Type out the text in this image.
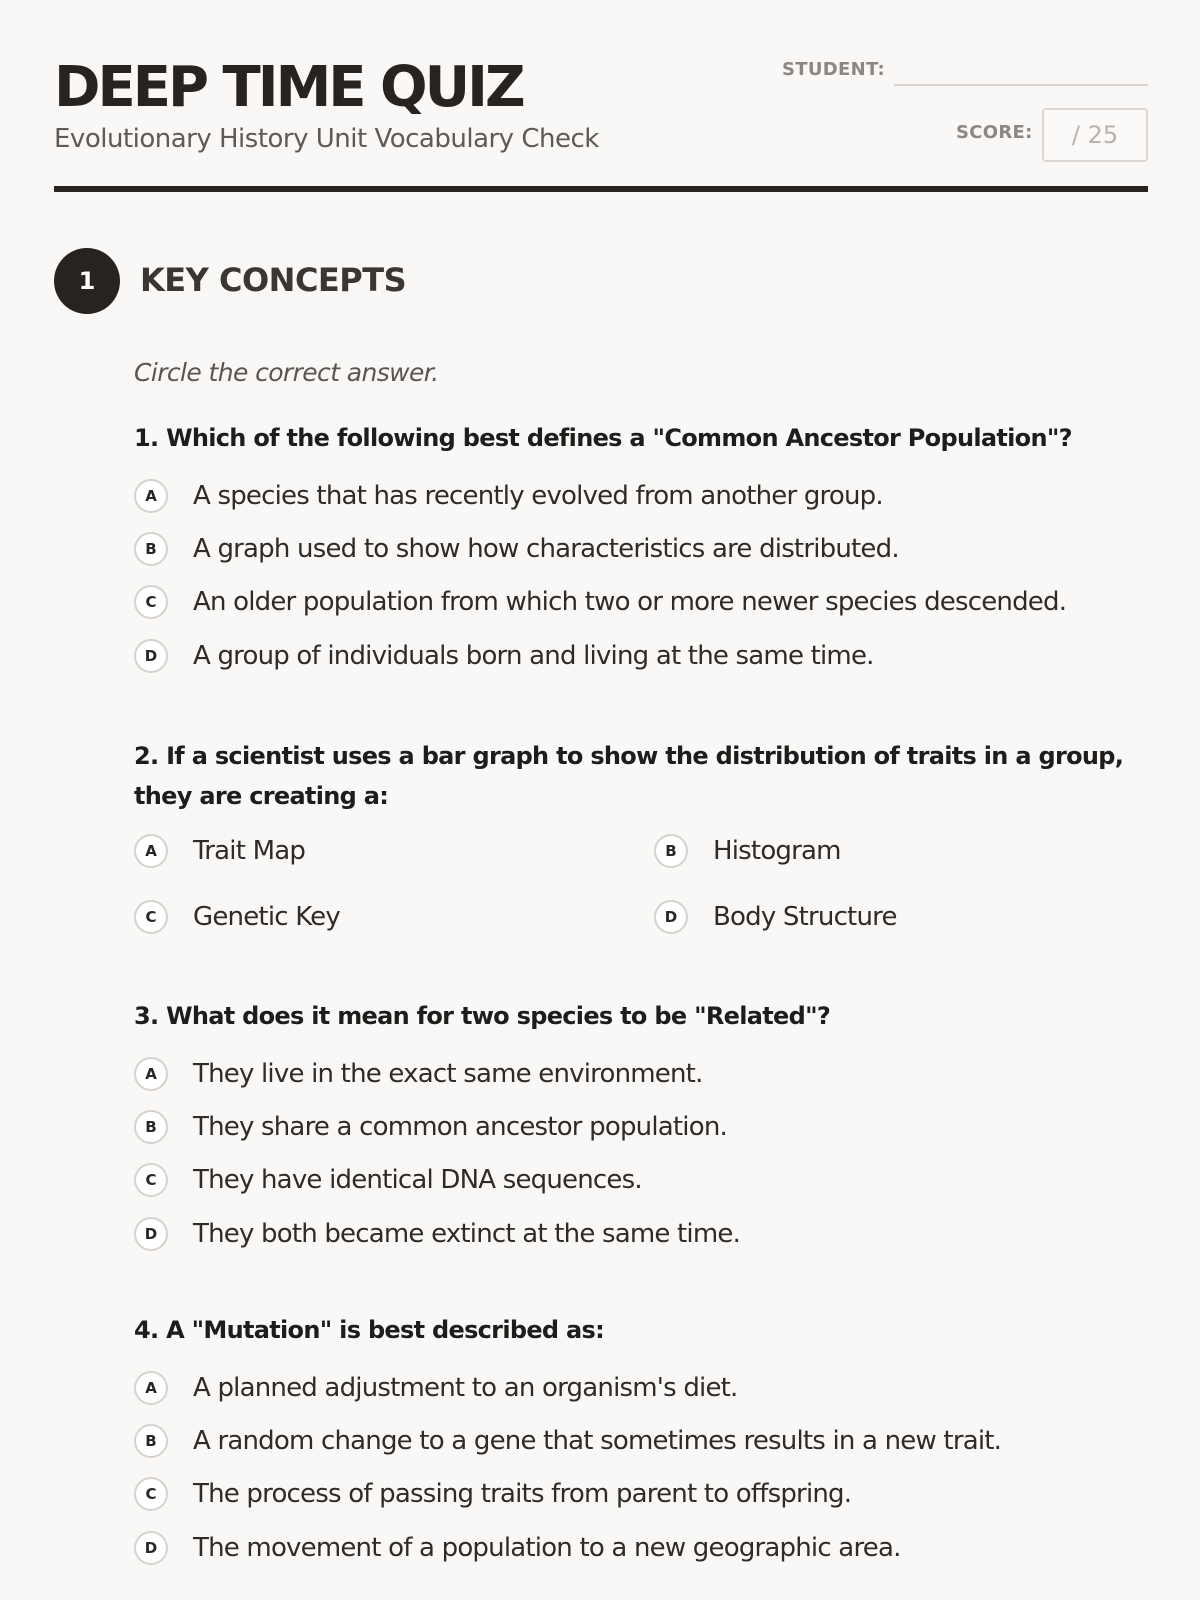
DEEP TIME QUIZ
Evolutionary History Unit Vocabulary Check
STUDENT:
SCORE: / 25
1	KEY CONCEPTS
Circle the correct answer.

1. Which of the following best defines a "Common Ancestor Population"?

A	A species that has recently evolved from another group.
B	A graph used to show how characteristics are distributed.
C	An older population from which two or more newer species descended.
D	A group of individuals born and living at the same time.

2. If a scientist uses a bar graph to show the distribution of traits in a group, they are creating a:

A	Trait Map	B	Histogram
C	Genetic Key	D	Body Structure

3. What does it mean for two species to be "Related"?

A	They live in the exact same environment.
B	They share a common ancestor population.
C	They have identical DNA sequences.
D	They both became extinct at the same time.

4. A "Mutation" is best described as:

A	A planned adjustment to an organism's diet.
B	A random change to a gene that sometimes results in a new trait.
C	The process of passing traits from parent to offspring.
D	The movement of a population to a new geographic area.
